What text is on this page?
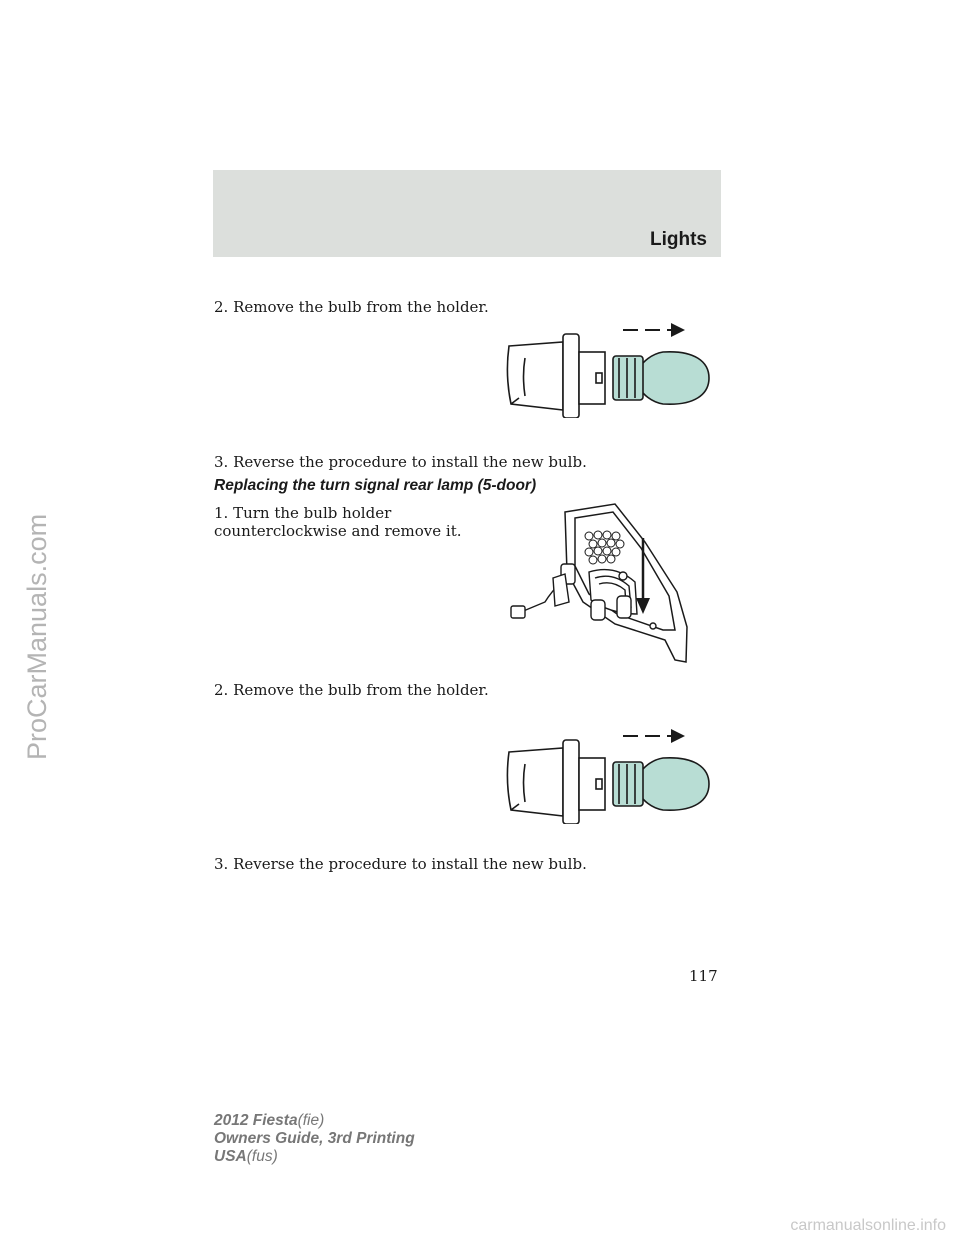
Lights
2. Remove the bulb from the holder.
3. Reverse the procedure to install the new bulb.
Replacing the turn signal rear lamp (5-door)
1. Turn the bulb holder
counterclockwise and remove it.
2. Remove the bulb from the holder.
3. Reverse the procedure to install the new bulb.
117
2012 Fiesta(fie)
Owners Guide, 3rd Printing
USA(fus)
ProCarManuals.com
carmanualsonline.info
